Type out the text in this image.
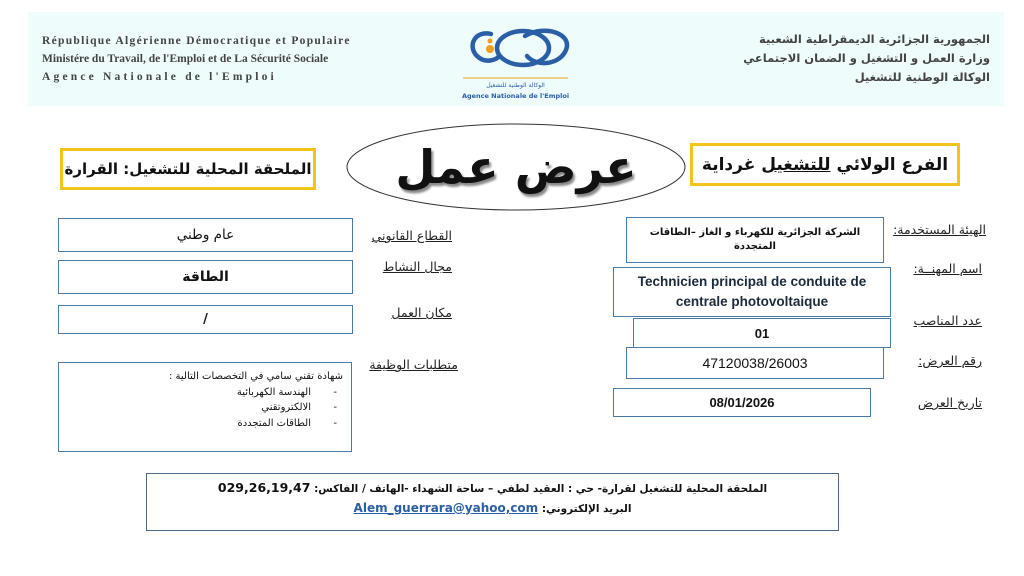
République Algérienne Démocratique et Populaire
Ministére du Travail, de l'Emploi et de La Sécurité Sociale
Agence Nationale de l'Emploi
الوكالة الوطنية للتشغيل
Agence Nationale de l'Emploi
الجمهورية الجزائرية الديمقراطية الشعبية
وزارة العمل و التشغيل و الضمان الاجتماعي
الوكالة الوطنية للتشغيل
الملحقة المحلية للتشغيل: القرارة	عرض عمل	الفرع الولائي

للتشغيل

غرداية
الهيئة المستخدمة:
الشركة الجزائرية للكهرباء و الغاز –الطاقات المتجددة
اسم المهنــة:
Technicien principal de conduite de centrale photovoltaique
عدد المناصب
01
رقم العرض:
47120038/26003
تاريخ العرض
08/01/2026
القطاع القانوني
عام وطني
مجال النشاط
الطاقة
مكان العمل
/
متطلبات الوظيفة
شهادة تقني سامي في التخصصات التالية :
-الهندسة الكهربائية
-الالكتروتقني
-الطاقات المتجددة
الملحقة المحلية للتشغيل لقرارة- حي : العقيد لطفي – ساحة الشهداء -الهاتف / الفاكس: 029,26,19,47
البريد الإلكتروني: Alem_guerrara@yahoo,com
